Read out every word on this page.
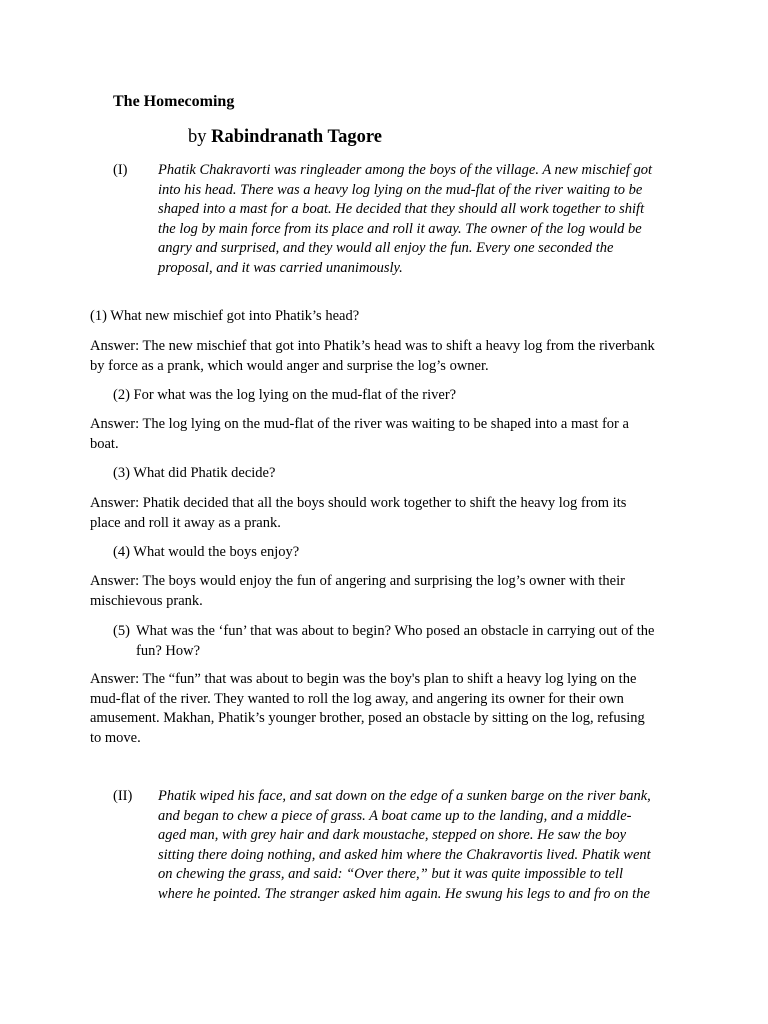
The Homecoming
by Rabindranath Tagore
(I) Phatik Chakravorti was ringleader among the boys of the village. A new mischief got
into his head. There was a heavy log lying on the mud-flat of the river waiting to be
shaped into a mast for a boat. He decided that they should all work together to shift
the log by main force from its place and roll it away. The owner of the log would be
angry and surprised, and they would all enjoy the fun. Every one seconded the
proposal, and it was carried unanimously.
(1) What new mischief got into Phatik’s head?
Answer: The new mischief that got into Phatik’s head was to shift a heavy log from the riverbank
by force as a prank, which would anger and surprise the log’s owner.
(2) For what was the log lying on the mud-flat of the river?
Answer: The log lying on the mud-flat of the river was waiting to be shaped into a mast for a
boat.
(3) What did Phatik decide?
Answer: Phatik decided that all the boys should work together to shift the heavy log from its
place and roll it away as a prank.
(4) What would the boys enjoy?
Answer: The boys would enjoy the fun of angering and surprising the log’s owner with their
mischievous prank.
(5) What was the ‘fun’ that was about to begin? Who posed an obstacle in carrying out of the
fun? How?
Answer: The “fun” that was about to begin was the boy's plan to shift a heavy log lying on the
mud-flat of the river. They wanted to roll the log away, and angering its owner for their own
amusement. Makhan, Phatik’s younger brother, posed an obstacle by sitting on the log, refusing
to move.
(II) Phatik wiped his face, and sat down on the edge of a sunken barge on the river bank,
and began to chew a piece of grass. A boat came up to the landing, and a middle-
aged man, with grey hair and dark moustache, stepped on shore. He saw the boy
sitting there doing nothing, and asked him where the Chakravortis lived. Phatik went
on chewing the grass, and said: “Over there,” but it was quite impossible to tell
where he pointed. The stranger asked him again. He swung his legs to and fro on the
